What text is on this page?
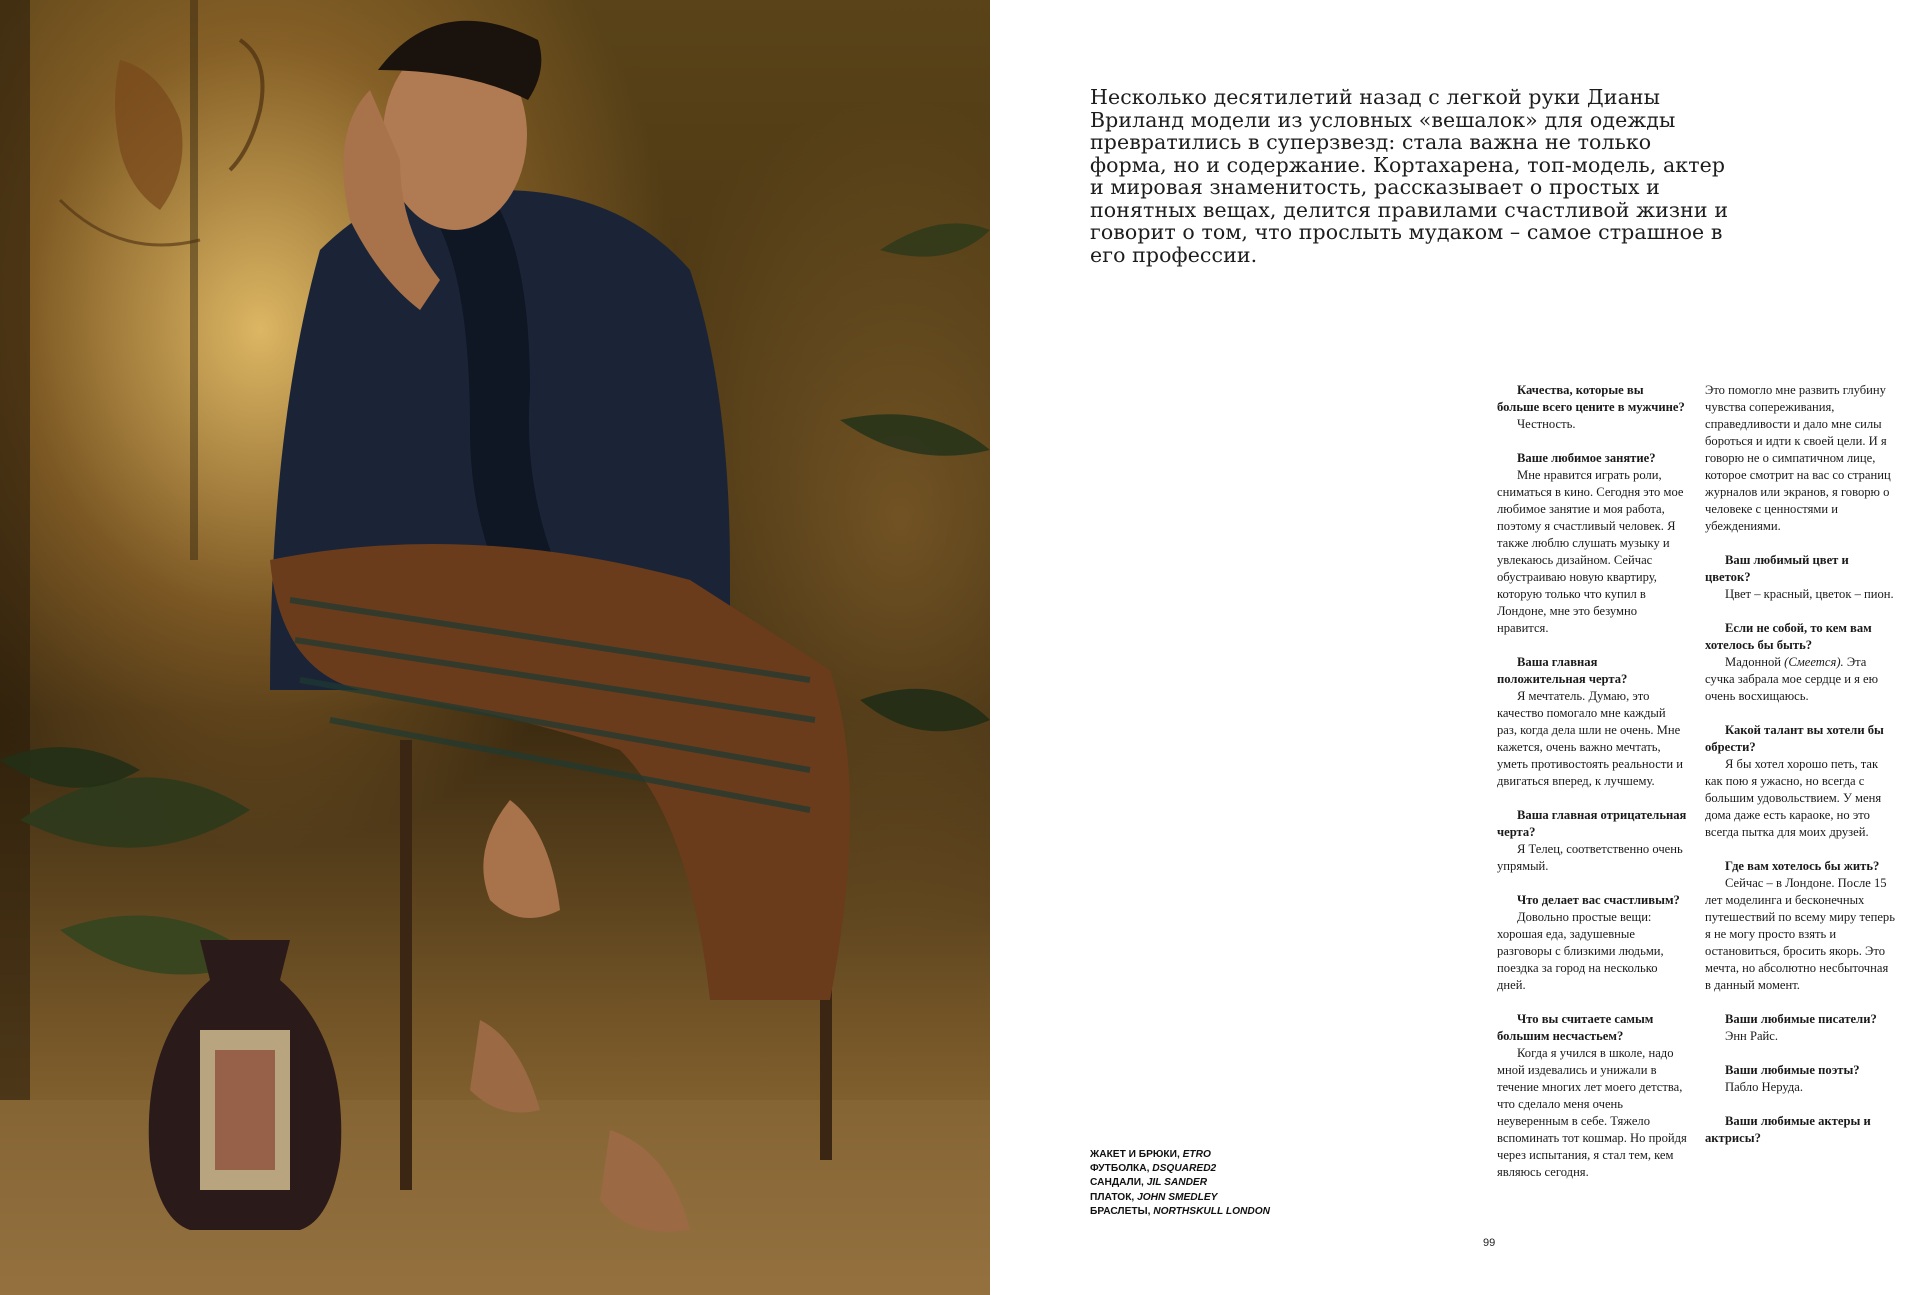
Несколько десятилетий назад с легкой руки Дианы Вриланд модели из условных «вешалок» для одежды превратились в суперзвезд: стала важна не только форма, но и содержание. Кортахарена, топ-модель, актер и мировая знаменитость, рассказывает о простых и понятных вещах, делится правилами счастливой жизни и говорит о том, что прослыть мудаком – самое страшное в его профессии.

Качества, которые вы больше всего цените в мужчине?
Честность.
Ваше любимое занятие?
Мне нравится играть роли, сниматься в кино. Сегодня это мое любимое занятие и моя работа, поэтому я счастливый человек. Я также люблю слушать музыку и увлекаюсь дизайном. Сейчас обустраиваю новую квартиру, которую только что купил в Лондоне, мне это безумно нравится.
Ваша главная положительная черта?
Я мечтатель. Думаю, это качество помогало мне каждый раз, когда дела шли не очень. Мне кажется, очень важно мечтать, уметь противостоять реальности и двигаться вперед, к лучшему.
Ваша главная отрицательная черта?
Я Телец, соответственно очень упрямый.
Что делает вас счастливым?
Довольно простые вещи: хорошая еда, задушевные разговоры с близкими людьми, поездка за город на несколько дней.
Что вы считаете самым большим несчастьем?
Когда я учился в школе, надо мной издевались и унижали в течение многих лет моего детства, что сделало меня очень неуверенным в себе. Тяжело вспоминать тот кошмар. Но пройдя через испытания, я стал тем, кем являюсь сегодня.
Это помогло мне развить глубину чувства сопереживания, справедливости и дало мне силы бороться и идти к своей цели. И я говорю не о симпатичном лице, которое смотрит на вас со страниц журналов или экранов, я говорю о человеке с ценностями и убеждениями.
Ваш любимый цвет и цветок?
Цвет – красный, цветок – пион.
Если не собой, то кем вам хотелось бы быть?
Мадонной (Смеется). Эта сучка забрала мое сердце и я ею очень восхищаюсь.
Какой талант вы хотели бы обрести?
Я бы хотел хорошо петь, так как пою я ужасно, но всегда с большим удовольствием. У меня дома даже есть караоке, но это всегда пытка для моих друзей.
Где вам хотелось бы жить?
Сейчас – в Лондоне. После 15 лет моделинга и бесконечных путешествий по всему миру теперь я не могу просто взять и остановиться, бросить якорь. Это мечта, но абсолютно несбыточная в данный момент.
Ваши любимые писатели?
Энн Райс.
Ваши любимые поэты?
Пабло Неруда.
Ваши любимые актеры и актрисы?
ЖАКЕТ И БРЮКИ, ETRO
ФУТБОЛКА, DSQUARED2
САНДАЛИ, JIL SANDER
ПЛАТОК, JOHN SMEDLEY
БРАСЛЕТЫ, NORTHSKULL LONDON
99
